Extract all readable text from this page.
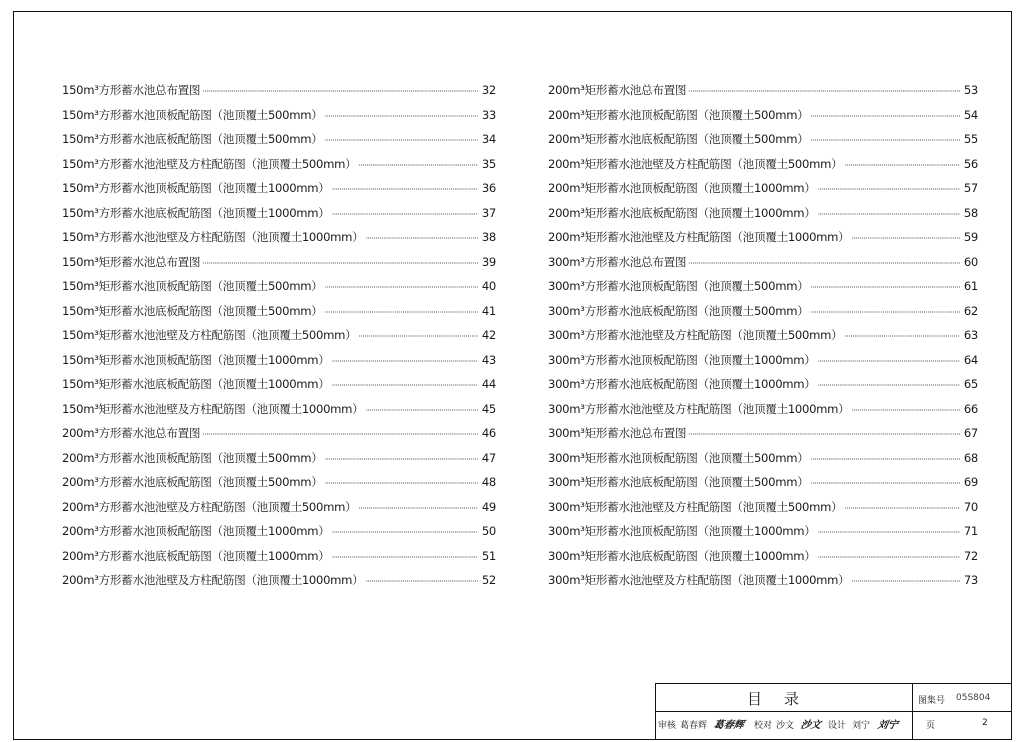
150m³方形蓄水池总布置图 ·····	32
150m³方形蓄水池顶板配筋图（池顶覆土500mm） ·····	33
150m³方形蓄水池底板配筋图（池顶覆土500mm） ·····	34
150m³方形蓄水池池壁及方柱配筋图（池顶覆土500mm） ·····	35
150m³方形蓄水池顶板配筋图（池顶覆土1000mm） ·····	36
150m³方形蓄水池底板配筋图（池顶覆土1000mm） ·····	37
150m³方形蓄水池池壁及方柱配筋图（池顶覆土1000mm） ·····	38
150m³矩形蓄水池总布置图 ·····	39
150m³矩形蓄水池顶板配筋图（池顶覆土500mm） ·····	40
150m³矩形蓄水池底板配筋图（池顶覆土500mm） ·····	41
150m³矩形蓄水池池壁及方柱配筋图（池顶覆土500mm） ·····	42
150m³矩形蓄水池顶板配筋图（池顶覆土1000mm） ·····	43
150m³矩形蓄水池底板配筋图（池顶覆土1000mm） ·····	44
150m³矩形蓄水池池壁及方柱配筋图（池顶覆土1000mm） ·····	45
200m³方形蓄水池总布置图 ·····	46
200m³方形蓄水池顶板配筋图（池顶覆土500mm） ·····	47
200m³方形蓄水池底板配筋图（池顶覆土500mm） ·····	48
200m³方形蓄水池池壁及方柱配筋图（池顶覆土500mm） ·····	49
200m³方形蓄水池顶板配筋图（池顶覆土1000mm） ·····	50
200m³方形蓄水池底板配筋图（池顶覆土1000mm） ·····	51
200m³方形蓄水池池壁及方柱配筋图（池顶覆土1000mm） ·····	52
200m³矩形蓄水池总布置图 ·····	53
200m³矩形蓄水池顶板配筋图（池顶覆土500mm） ·····	54
200m³矩形蓄水池底板配筋图（池顶覆土500mm） ·····	55
200m³矩形蓄水池池壁及方柱配筋图（池顶覆土500mm） ·····	56
200m³矩形蓄水池顶板配筋图（池顶覆土1000mm） ·····	57
200m³矩形蓄水池底板配筋图（池顶覆土1000mm） ·····	58
200m³矩形蓄水池池壁及方柱配筋图（池顶覆土1000mm） ·····	59
300m³方形蓄水池总布置图 ·····	60
300m³方形蓄水池顶板配筋图（池顶覆土500mm） ·····	61
300m³方形蓄水池底板配筋图（池顶覆土500mm） ·····	62
300m³方形蓄水池池壁及方柱配筋图（池顶覆土500mm） ·····	63
300m³方形蓄水池顶板配筋图（池顶覆土1000mm） ·····	64
300m³方形蓄水池底板配筋图（池顶覆土1000mm） ·····	65
300m³方形蓄水池池壁及方柱配筋图（池顶覆土1000mm） ·····	66
300m³矩形蓄水池总布置图 ·····	67
300m³矩形蓄水池顶板配筋图（池顶覆土500mm） ·····	68
300m³矩形蓄水池底板配筋图（池顶覆土500mm） ·····	69
300m³矩形蓄水池池壁及方柱配筋图（池顶覆土500mm） ·····	70
300m³矩形蓄水池顶板配筋图（池顶覆土1000mm） ·····	71
300m³矩形蓄水池底板配筋图（池顶覆土1000mm） ·····	72
300m³矩形蓄水池池壁及方柱配筋图（池顶覆土1000mm） ·····	73
目录	图集号 05S804
审核 葛春辉 葛春辉 校对 沙文 沙文 设计 刘宁 刘宁	页	2
